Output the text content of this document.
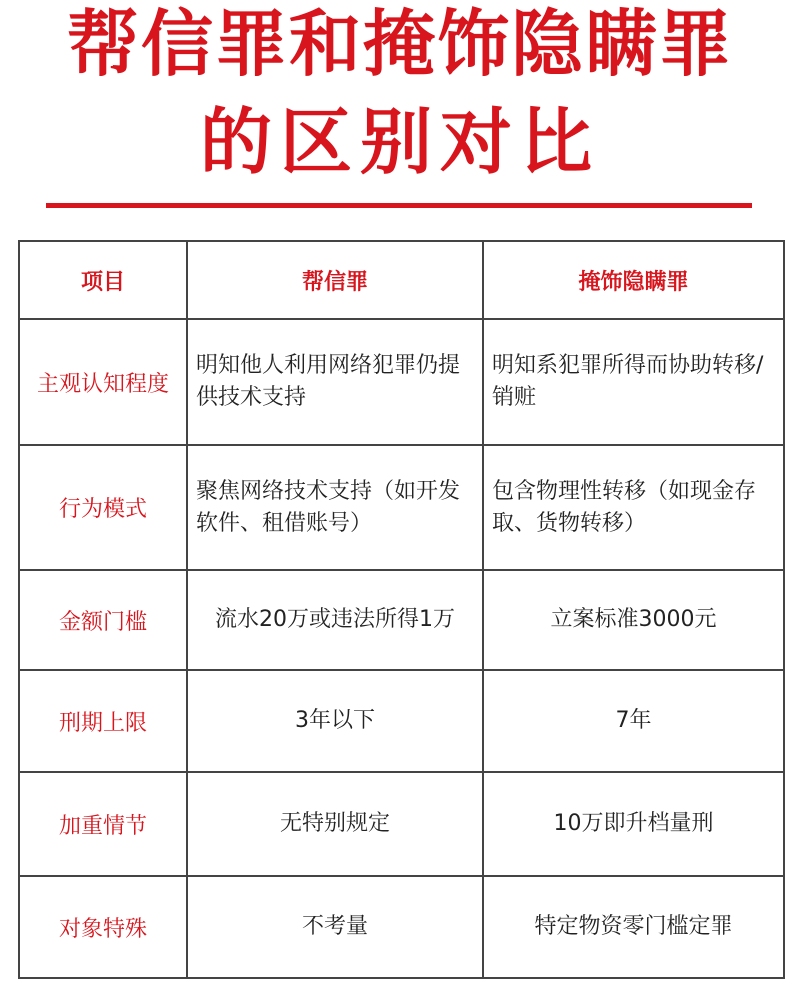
帮信罪和掩饰隐瞒罪
的区别对比
项目	帮信罪	掩饰隐瞒罪
主观认知程度	明知他人利用网络犯罪仍提供技术支持	明知系犯罪所得而协助转移/销赃
行为模式	聚焦网络技术支持（如开发软件、租借账号）	包含物理性转移（如现金存取、货物转移）
金额门槛	流水20万或违法所得1万	立案标准3000元
刑期上限	3年以下	7年
加重情节	无特别规定	10万即升档量刑
对象特殊	不考量	特定物资零门槛定罪
